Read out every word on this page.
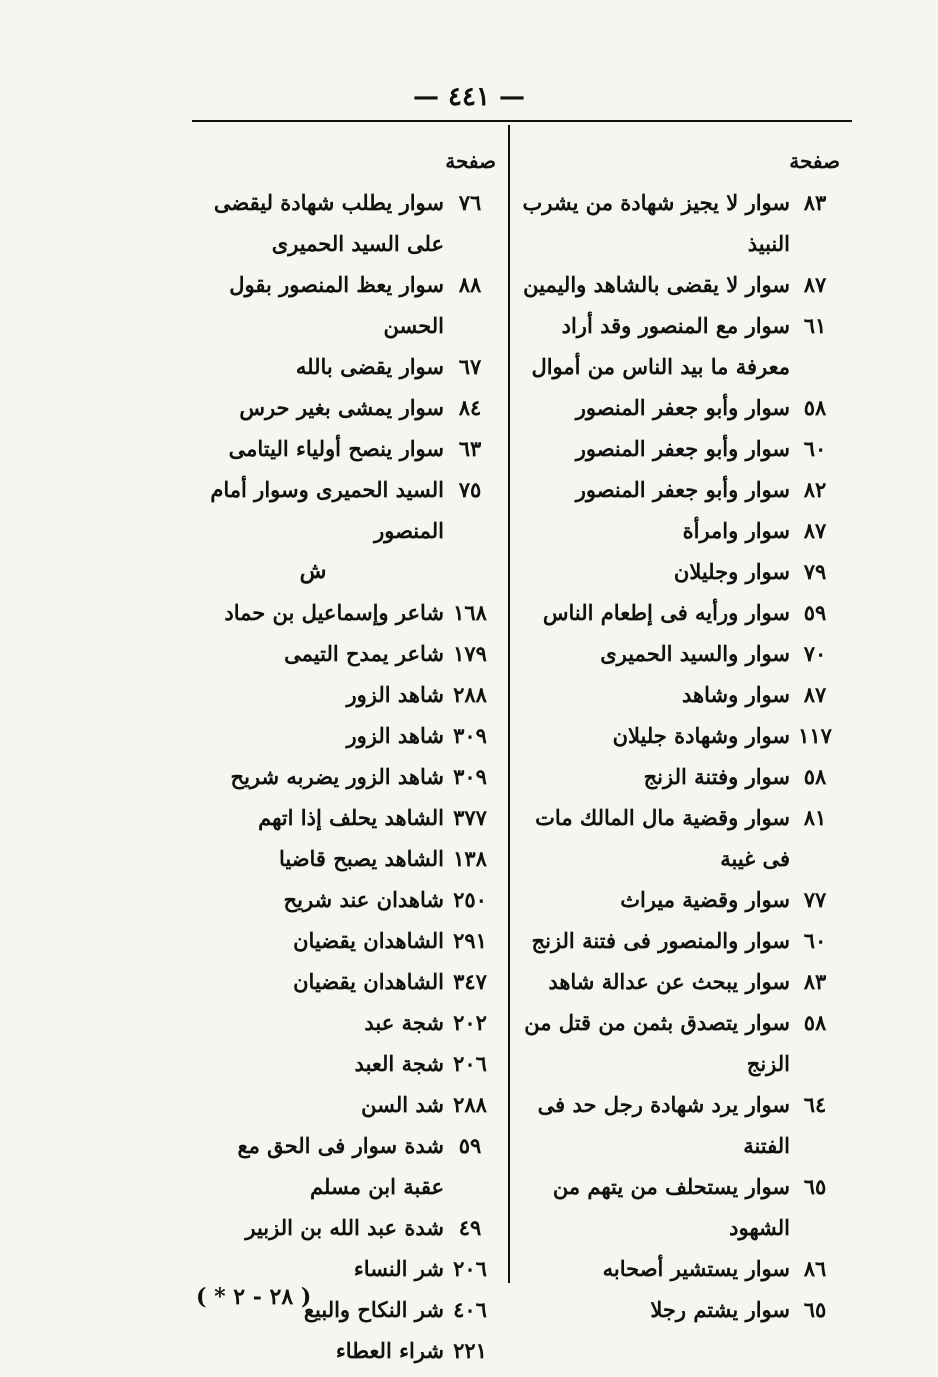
— ٤٤١ —
صفحة
٨٣
سوار لا يجيز شهادة من يشرب النبيذ
٨٧
سوار لا يقضى بالشاهد واليمين
٦١
سوار مع المنصور وقد أراد معرفة ما بيد الناس من أموال
٥٨
سوار وأبو جعفر المنصور
٦٠
سوار وأبو جعفر المنصور
٨٢
سوار وأبو جعفر المنصور
٨٧
سوار وامرأة
٧٩
سوار وجليلان
٥٩
سوار ورأيه فى إطعام الناس
٧٠
سوار والسيد الحميرى
٨٧
سوار وشاهد
١١٧
سوار وشهادة جليلان
٥٨
سوار وفتنة الزنج
٨١
سوار وقضية مال المالك مات فى غيبة
٧٧
سوار وقضية ميراث
٦٠
سوار والمنصور فى فتنة الزنج
٨٣
سوار يبحث عن عدالة شاهد
٥٨
سوار يتصدق بثمن من قتل من الزنج
٦٤
سوار يرد شهادة رجل حد فى الفتنة
٦٥
سوار يستحلف من يتهم من الشهود
٨٦
سوار يستشير أصحابه
٦٥
سوار يشتم رجلا
صفحة
٧٦
سوار يطلب شهادة ليقضى على السيد الحميرى
٨٨
سوار يعظ المنصور بقول الحسن
٦٧
سوار يقضى بالله
٨٤
سوار يمشى بغير حرس
٦٣
سوار ينصح أولياء اليتامى
٧٥
السيد الحميرى وسوار أمام المنصور
ش
١٦٨
شاعر وإسماعيل بن حماد
١٧٩
شاعر يمدح التيمى
٢٨٨
شاهد الزور
٣٠٩
شاهد الزور
٣٠٩
شاهد الزور يضربه شريح
٣٧٧
الشاهد يحلف إذا اتهم
١٣٨
الشاهد يصبح قاضيا
٢٥٠
شاهدان عند شريح
٢٩١
الشاهدان يقضيان
٣٤٧
الشاهدان يقضيان
٢٠٢
شجة عبد
٢٠٦
شجة العبد
٢٨٨
شد السن
٥٩
شدة سوار فى الحق مع عقبة ابن مسلم
٤٩
شدة عبد الله بن الزبير
٢٠٦
شر النساء
٤٠٦
شر النكاح والبيع
٢٢١
شراء العطاء
( ٢٨ - ٢ * )
